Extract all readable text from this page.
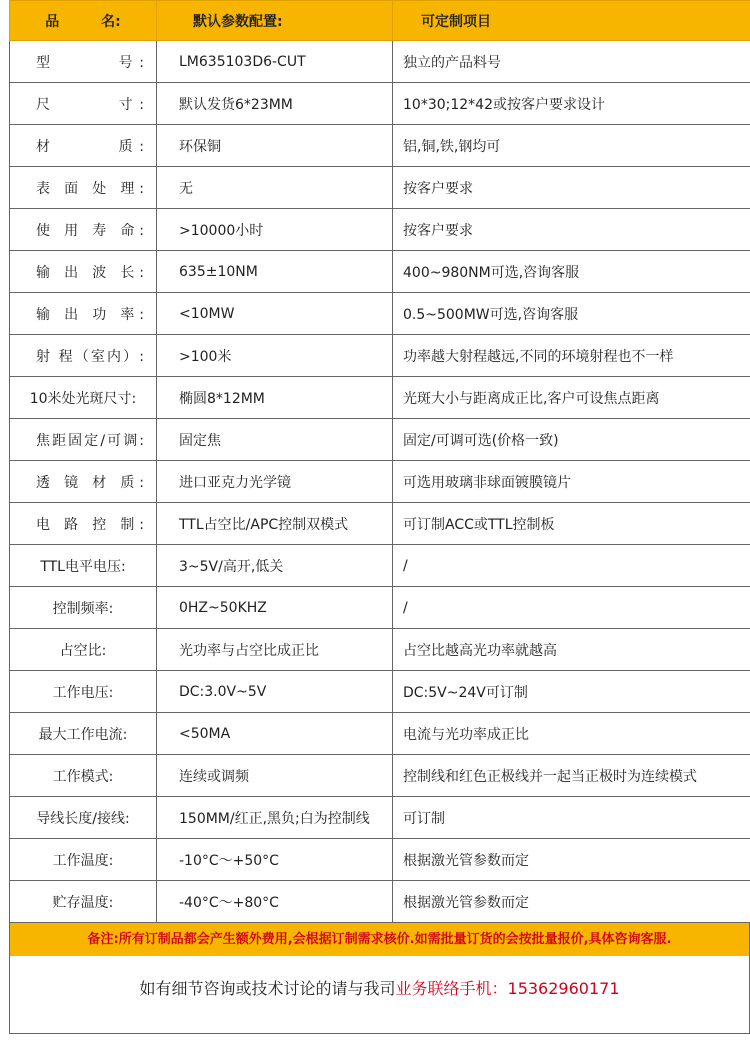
品　　　名:	默认参数配置:	可定制项目
型　　　号:	LM635103D6-CUT	独立的产品料号
尺　　　寸:	默认发货6*23MM	10*30;12*42或按客户要求设计
材　　　质:	环保铜	铝,铜,铁,钢均可
表 面 处 理:	无	按客户要求
使 用 寿 命:	>10000小时	按客户要求
输 出 波 长:	635±10NM	400~980NM可选,咨询客服
输 出 功 率:	<10MW	0.5~500MW可选,咨询客服
射 程（室内）:	>100米	功率越大射程越远,不同的环境射程也不一样
10米处光斑尺寸:	椭圆8*12MM	光斑大小与距离成正比,客户可设焦点距离
焦距固定/可调:	固定焦	固定/可调可选(价格一致)
透 镜 材 质:	进口亚克力光学镜	可选用玻璃非球面镀膜镜片
电 路 控 制:	TTL占空比/APC控制双模式	可订制ACC或TTL控制板
TTL电平电压:	3~5V/高开,低关	/
控制频率:	0HZ~50KHZ	/
占空比:	光功率与占空比成正比	占空比越高光功率就越高
工作电压:	DC:3.0V~5V	DC:5V~24V可订制
最大工作电流:	<50MA	电流与光功率成正比
工作模式:	连续或调频	控制线和红色正极线并一起当正极时为连续模式
导线长度/接线:	150MM/红正,黑负;白为控制线	可订制
工作温度:	-10°C～+50°C	根据激光管参数而定
贮存温度:	-40°C～+80°C	根据激光管参数而定
备注:所有订制品都会产生额外费用,会根据订制需求核价.如需批量订货的会按批量报价,具体咨询客服.
如有细节咨询或技术讨论的请与我司业务联络手机：15362960171
